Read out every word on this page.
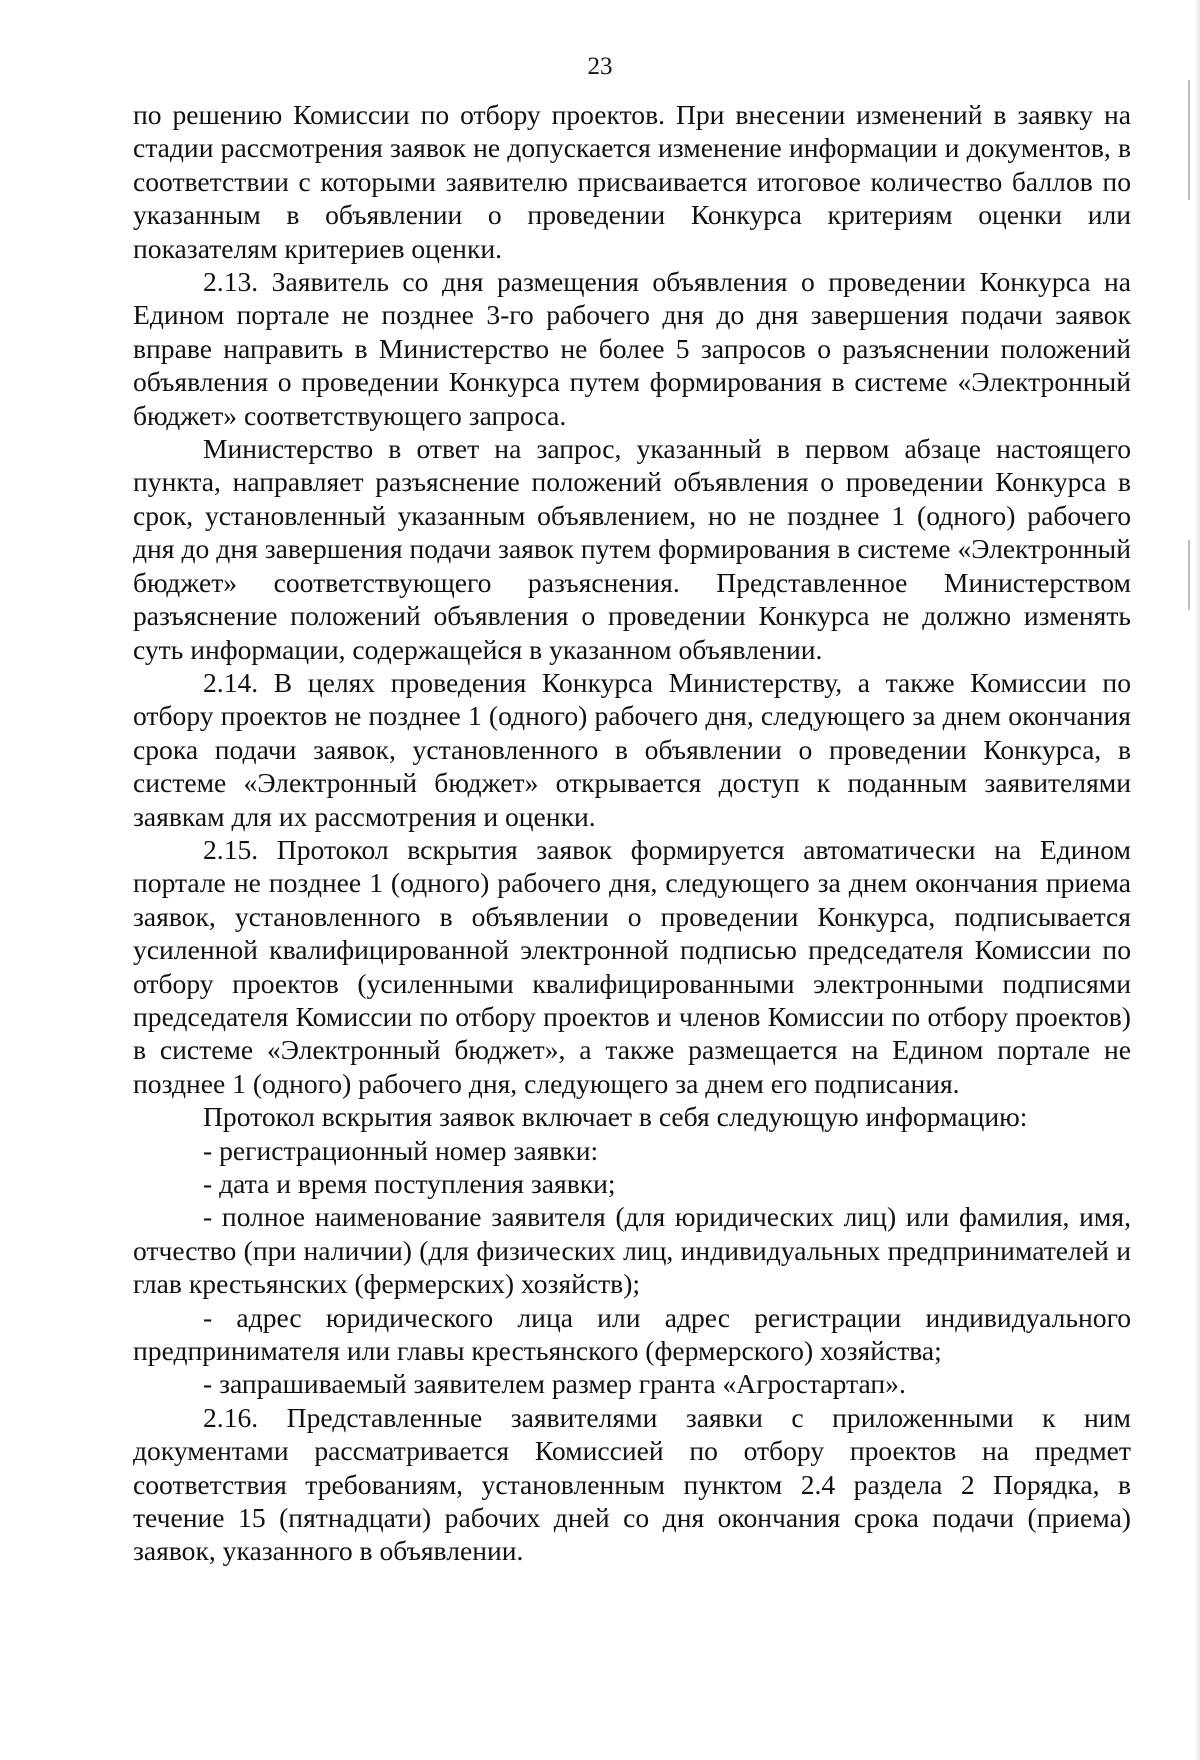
23

по решению Комиссии по отбору проектов. При внесении изменений в заявку на стадии рассмотрения заявок не допускается изменение информации и документов, в соответствии с которыми заявителю присваивается итоговое количество баллов по указанным в объявлении о проведении Конкурса критериям оценки или показателям критериев оценки.

2.13. Заявитель со дня размещения объявления о проведении Конкурса на Едином портале не позднее 3-го рабочего дня до дня завершения подачи заявок вправе направить в Министерство не более 5 запросов о разъяснении положений объявления о проведении Конкурса путем формирования в системе «Электронный бюджет» соответствующего запроса.

Министерство в ответ на запрос, указанный в первом абзаце настоящего пункта, направляет разъяснение положений объявления о проведении Конкурса в срок, установленный указанным объявлением, но не позднее 1 (одного) рабочего дня до дня завершения подачи заявок путем формирования в системе «Электронный бюджет» соответствующего разъяснения. Представленное Министерством разъяснение положений объявления о проведении Конкурса не должно изменять суть информации, содержащейся в указанном объявлении.

2.14. В целях проведения Конкурса Министерству, а также Комиссии по отбору проектов не позднее 1 (одного) рабочего дня, следующего за днем окончания срока подачи заявок, установленного в объявлении о проведении Конкурса, в системе «Электронный бюджет» открывается доступ к поданным заявителями заявкам для их рассмотрения и оценки.

2.15. Протокол вскрытия заявок формируется автоматически на Едином портале не позднее 1 (одного) рабочего дня, следующего за днем окончания приема заявок, установленного в объявлении о проведении Конкурса, подписывается усиленной квалифицированной электронной подписью председателя Комиссии по отбору проектов (усиленными квалифицированными электронными подписями председателя Комиссии по отбору проектов и членов Комиссии по отбору проектов) в системе «Электронный бюджет», а также размещается на Едином портале не позднее 1 (одного) рабочего дня, следующего за днем его подписания.

Протокол вскрытия заявок включает в себя следующую информацию:

- регистрационный номер заявки:

- дата и время поступления заявки;

- полное наименование заявителя (для юридических лиц) или фамилия, имя, отчество (при наличии) (для физических лиц, индивидуальных предпринимателей и глав крестьянских (фермерских) хозяйств);

- адрес юридического лица или адрес регистрации индивидуального предпринимателя или главы крестьянского (фермерского) хозяйства;

- запрашиваемый заявителем размер гранта «Агростартап».

2.16. Представленные заявителями заявки с приложенными к ним документами рассматривается Комиссией по отбору проектов на предмет соответствия требованиям, установленным пунктом 2.4 раздела 2 Порядка, в течение 15 (пятнадцати) рабочих дней со дня окончания срока подачи (приема) заявок, указанного в объявлении.
